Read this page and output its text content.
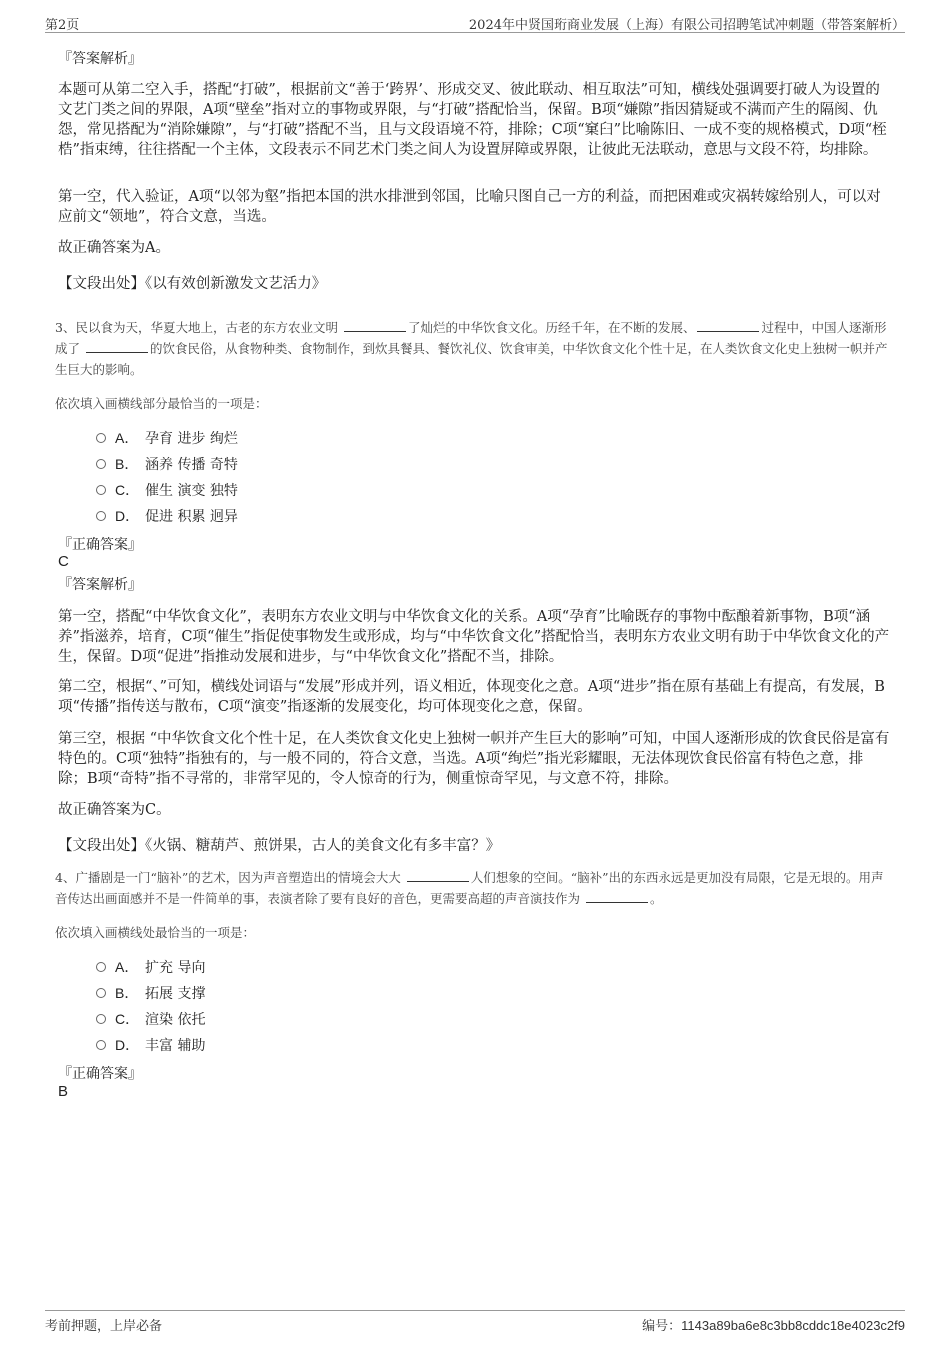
第2页	2024年中贤国珩商业发展（上海）有限公司招聘笔试冲刺题（带答案解析）
『答案解析』

本题可从第二空入手，搭配“打破”，根据前文“善于‘跨界’、形成交叉、彼此联动、相互取法”可知，横线处强调要打破人为设置的文艺门类之间的界限，A项“壁垒”指对立的事物或界限，与“打破”搭配恰当，保留。B项“嫌隙”指因猜疑或不满而产生的隔阂、仇怨，常见搭配为“消除嫌隙”，与“打破”搭配不当，且与文段语境不符，排除；C项“窠臼”比喻陈旧、一成不变的规格模式，D项“桎梏”指束缚，往往搭配一个主体，文段表示不同艺术门类之间人为设置屏障或界限，让彼此无法联动，意思与文段不符，均排除。

第一空，代入验证，A项“以邻为壑”指把本国的洪水排泄到邻国，比喻只图自己一方的利益，而把困难或灾祸转嫁给别人，可以对应前文“领地”，符合文意，当选。

故正确答案为A。

【文段出处】《以有效创新激发文艺活力》

3、民以食为天，华夏大地上，古老的东方农业文明	了灿烂的中华饮食文化。历经千年，在不断的发展、	过程中，中国人逐渐形成了	的饮食民俗，从食物种类、食物制作，到炊具餐具、餐饮礼仪、饮食审美，中华饮食文化个性十足，在人类饮食文化史上独树一帜并产生巨大的影响。

依次填入画横线部分最恰当的一项是：
A． 孕育 进步 绚烂
B． 涵养 传播 奇特
C． 催生 演变 独特
D． 促进 积累 迥异
『正确答案』
C
『答案解析』

第一空，搭配“中华饮食文化”，表明东方农业文明与中华饮食文化的关系。A项“孕育”比喻既存的事物中酝酿着新事物，B项“涵养”指滋养，培育，C项“催生”指促使事物发生或形成，均与“中华饮食文化”搭配恰当，表明东方农业文明有助于中华饮食文化的产生，保留。D项“促进”指推动发展和进步，与“中华饮食文化”搭配不当，排除。

第二空，根据“、”可知，横线处词语与“发展”形成并列，语义相近，体现变化之意。A项“进步”指在原有基础上有提高，有发展，B项“传播”指传送与散布，C项“演变”指逐渐的发展变化，均可体现变化之意，保留。

第三空，根据 “中华饮食文化个性十足，在人类饮食文化史上独树一帜并产生巨大的影响”可知，中国人逐渐形成的饮食民俗是富有特色的。C项“独特”指独有的，与一般不同的，符合文意，当选。A项“绚烂”指光彩耀眼，无法体现饮食民俗富有特色之意，排除；B项“奇特”指不寻常的，非常罕见的，令人惊奇的行为，侧重惊奇罕见，与文意不符，排除。

故正确答案为C。

【文段出处】《火锅、糖葫芦、煎饼果，古人的美食文化有多丰富？》

4、广播剧是一门“脑补”的艺术，因为声音塑造出的情境会大大	人们想象的空间。“脑补”出的东西永远是更加没有局限，它是无垠的。用声音传达出画面感并不是一件简单的事，表演者除了要有良好的音色，更需要高超的声音演技作为	。

依次填入画横线处最恰当的一项是：
A． 扩充 导向
B． 拓展 支撑
C． 渲染 依托
D． 丰富 辅助
『正确答案』
B
考前押题，上岸必备	编号：1143a89ba6e8c3bb8cddc18e4023c2f9
